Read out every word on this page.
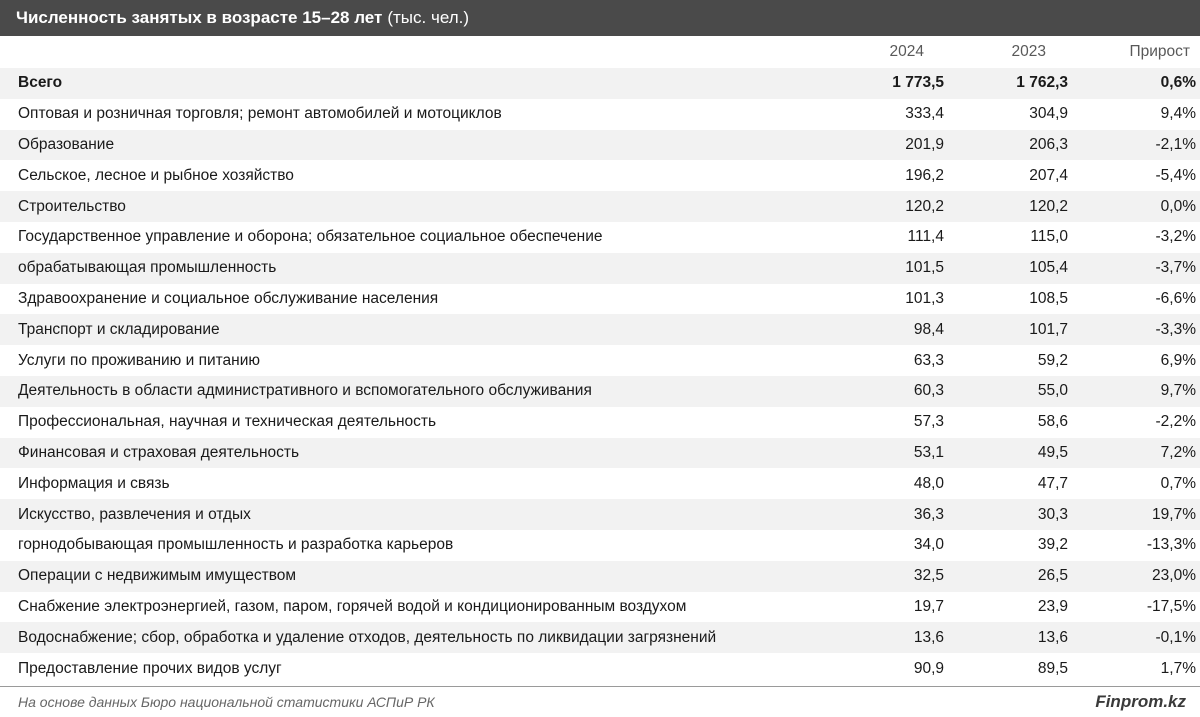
Численность занятых в возрасте 15–28 лет (тыс. чел.)
	2024	2023	Прирост
Всего	1 773,5	1 762,3	0,6%
Оптовая и розничная торговля; ремонт автомобилей и мотоциклов	333,4	304,9	9,4%
Образование	201,9	206,3	-2,1%
Сельское, лесное и рыбное хозяйство	196,2	207,4	-5,4%
Строительство	120,2	120,2	0,0%
Государственное управление и оборона; обязательное социальное обеспечение	111,4	115,0	-3,2%
обрабатывающая промышленность	101,5	105,4	-3,7%
Здравоохранение и социальное обслуживание населения	101,3	108,5	-6,6%
Транспорт и складирование	98,4	101,7	-3,3%
Услуги по проживанию и питанию	63,3	59,2	6,9%
Деятельность в области административного и вспомогательного обслуживания	60,3	55,0	9,7%
Профессиональная, научная и техническая деятельность	57,3	58,6	-2,2%
Финансовая и страховая деятельность	53,1	49,5	7,2%
Информация и связь	48,0	47,7	0,7%
Искусство, развлечения и отдых	36,3	30,3	19,7%
горнодобывающая промышленность и разработка карьеров	34,0	39,2	-13,3%
Операции с недвижимым имуществом	32,5	26,5	23,0%
Снабжение электроэнергией, газом, паром, горячей водой и кондиционированным воздухом	19,7	23,9	-17,5%
Водоснабжение; сбор, обработка и удаление отходов, деятельность по ликвидации загрязнений	13,6	13,6	-0,1%
Предоставление прочих видов услуг	90,9	89,5	1,7%
На основе данных Бюро национальной статистики АСПиР РК	Finprom.kz
